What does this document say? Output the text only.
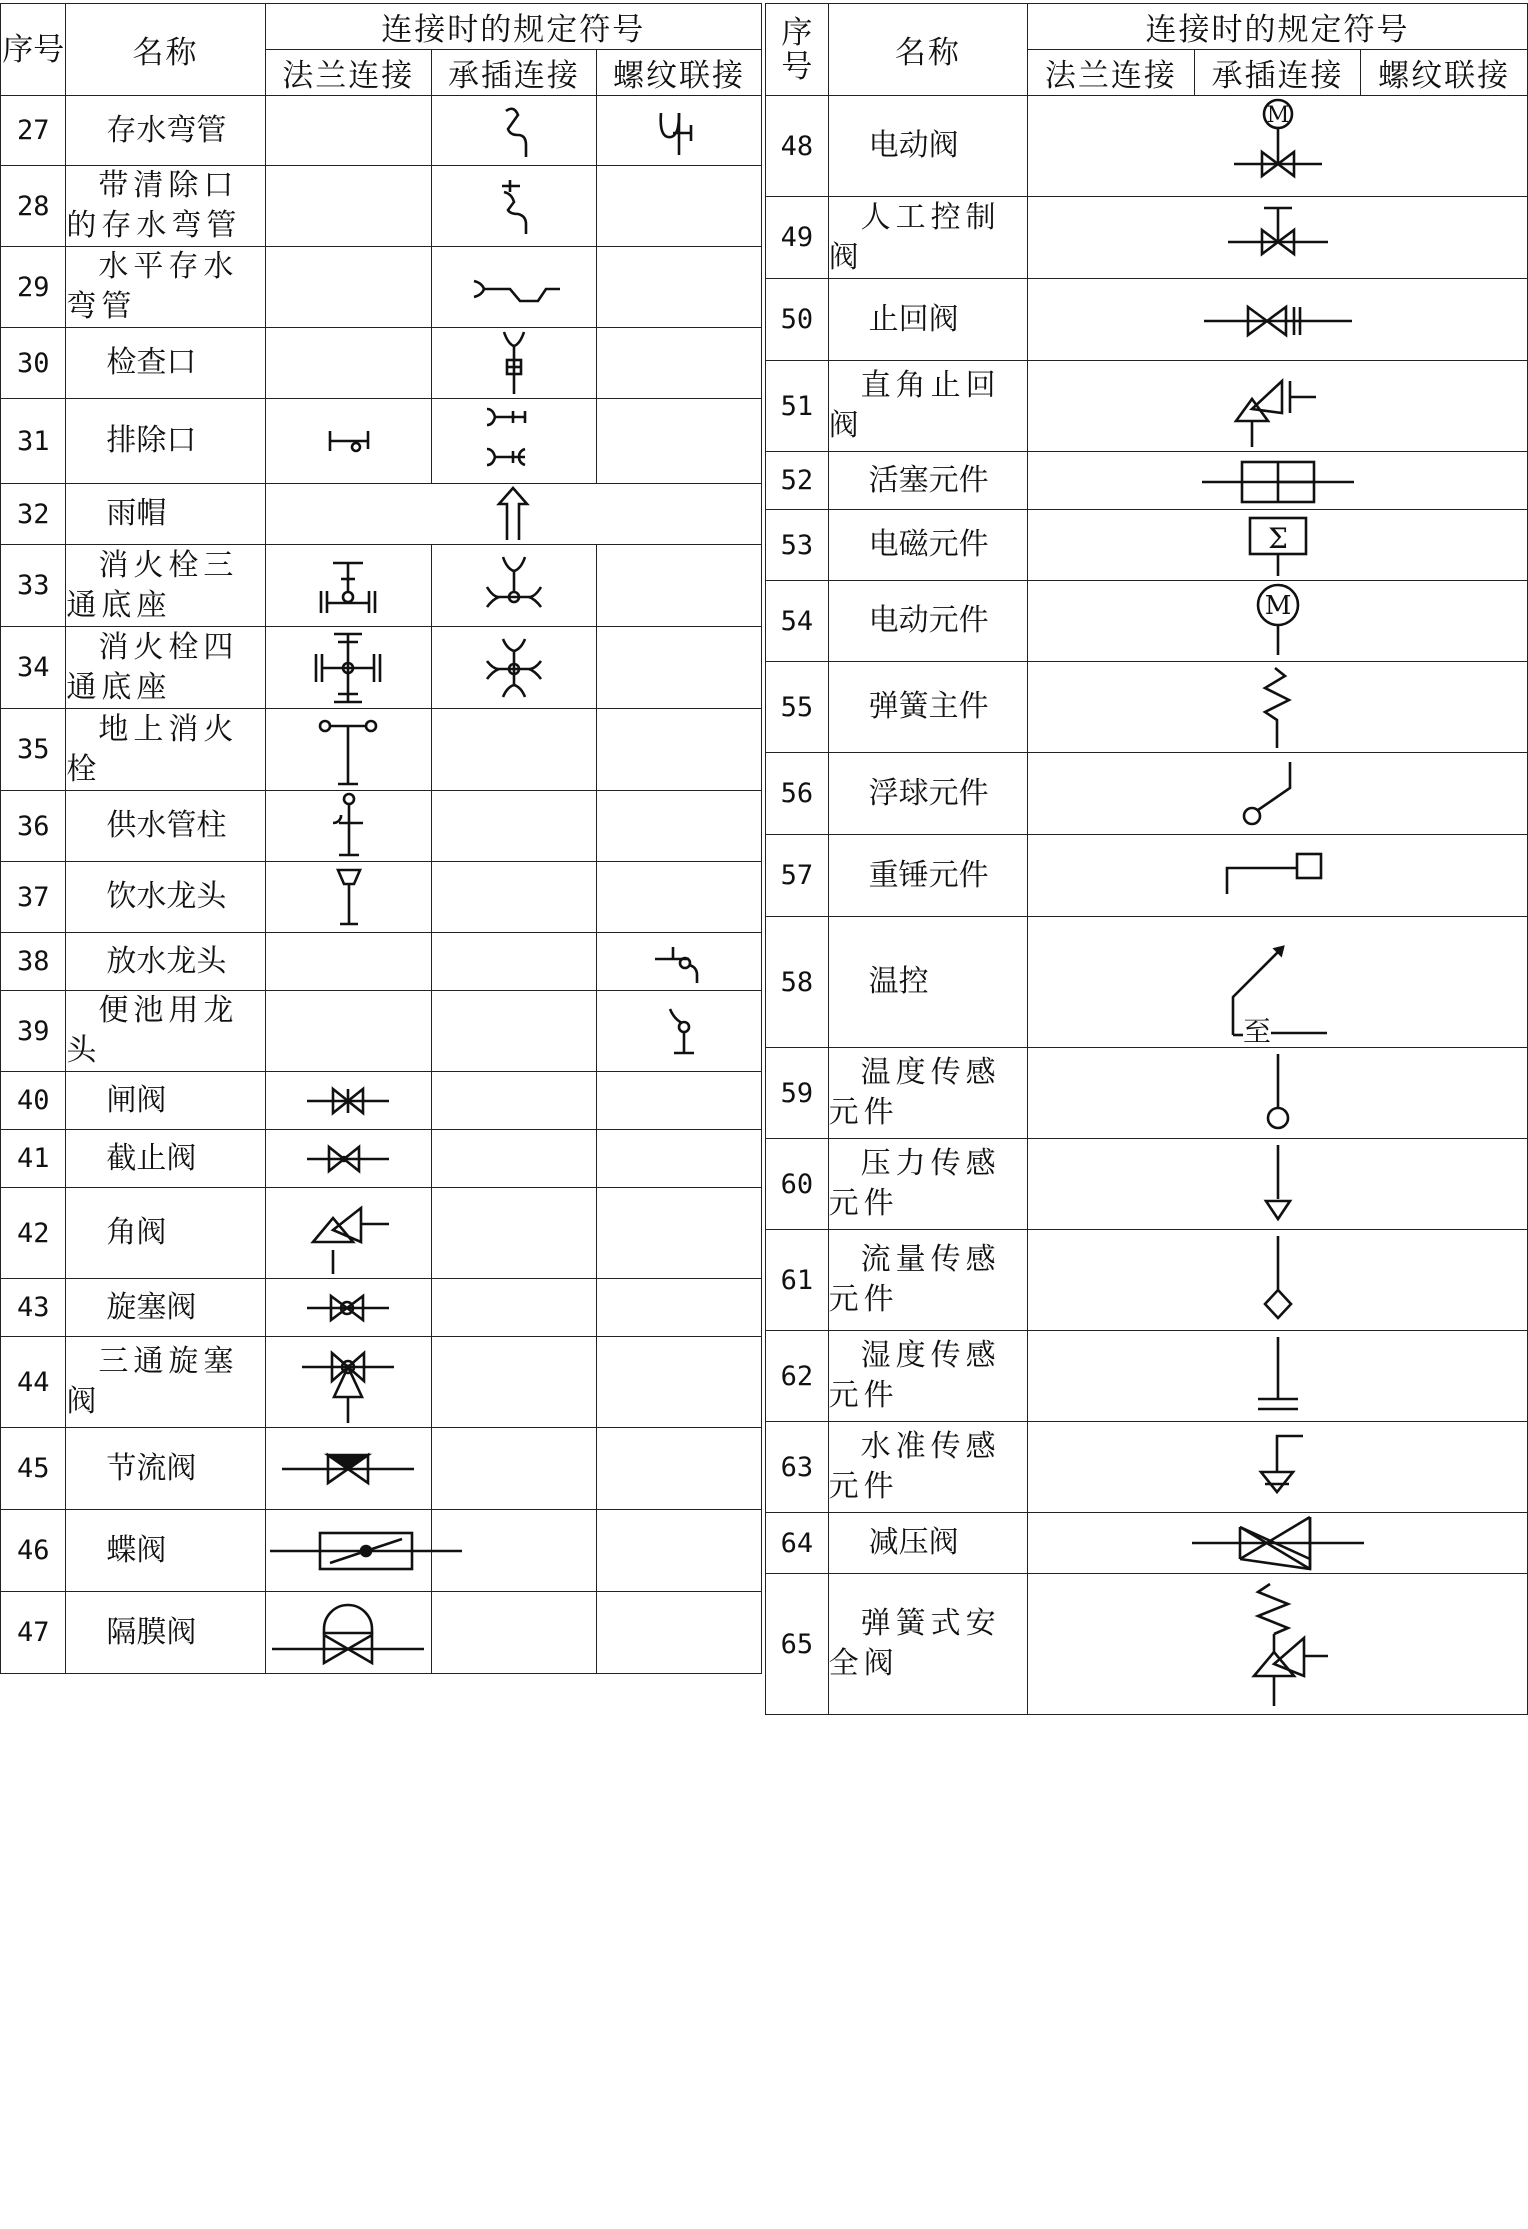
序号	名称	连接时的规定符号		
		法兰连接	承插连接	螺纹联接
27	存水弯管		

28	带清除口
的存水弯管

29	水平存水
弯管

30	检查口		

31	排除口	

32	雨帽	

33	消火栓三
通底座

34	消火栓四
通底座

35	地上消火
栓

36	供水管柱	

37	饮水龙头	

38	放水龙头			

39	便池用龙
头

40	闸阀	

41	截止阀	

42	角阀	

43	旋塞阀	

44	三通旋塞
阀

45	节流阀	

46	蝶阀	

47	隔膜阀	

序号	名称	连接时的规定符号		
		法兰连接	承插连接	螺纹联接
48	电动阀	M		

49	人工控制
阀

50	止回阀	

51	直角止回
阀

52	活塞元件	

53	电磁元件	Σ		

54	电动元件	M		

55	弹簧主件	

56	浮球元件	

57	重锤元件	

58	温控	至		

59	温度传感
元件

60	压力传感
元件

61	流量传感
元件

62	湿度传感
元件

63	水准传感
元件

64	减压阀	

65	弹簧式安
全阀
